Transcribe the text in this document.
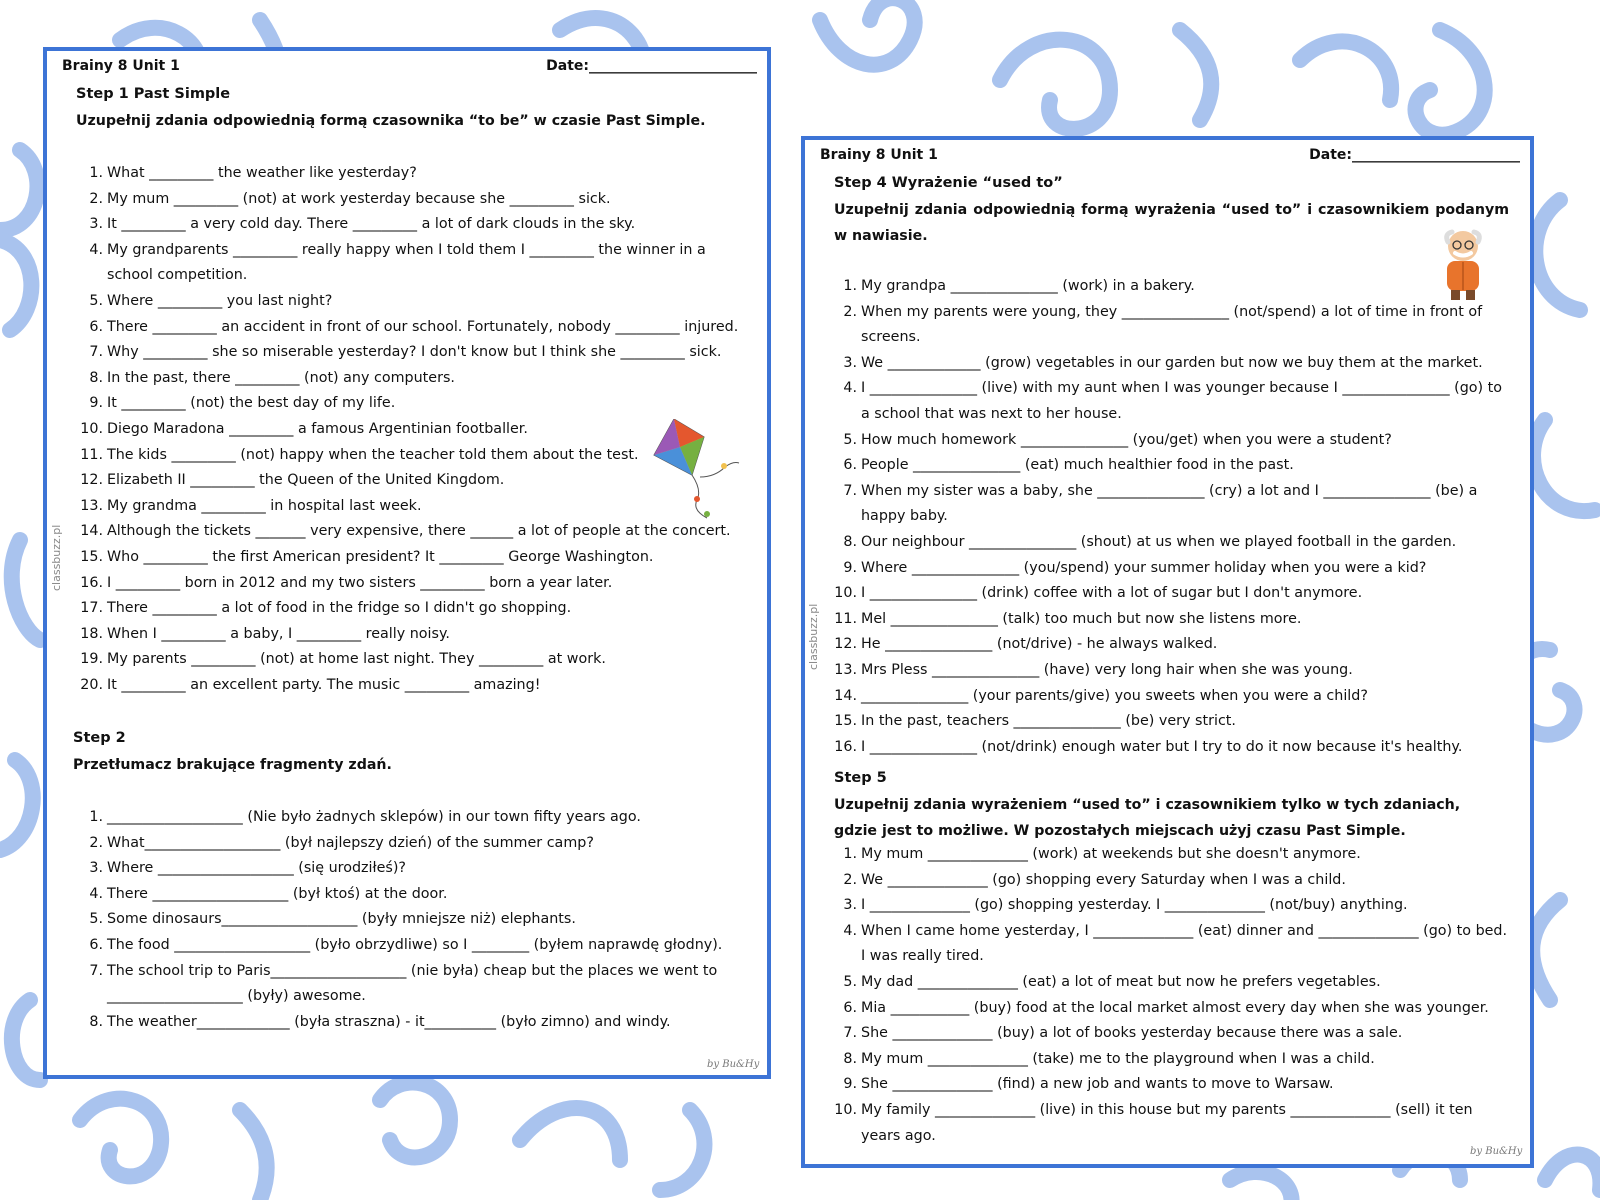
Brainy 8 Unit 1	Date:________________________
Step 1 Past Simple
Uzupełnij zdania odpowiednią formą czasownika “to be” w czasie Past Simple.
1. What _________ the weather like yesterday?
2. My mum _________ (not) at work yesterday because she _________ sick.
3. It _________ a very cold day. There _________ a lot of dark clouds in the sky.
4. My grandparents _________ really happy when I told them I _________ the winner in a school competition.
5. Where _________ you last night?
6. There _________ an accident in front of our school. Fortunately, nobody _________ injured.
7. Why _________ she so miserable yesterday? I don't know but I think she _________ sick.
8. In the past, there _________ (not) any computers.
9. It _________ (not) the best day of my life.
10. Diego Maradona _________ a famous Argentinian footballer.
11. The kids _________ (not) happy when the teacher told them about the test.
12. Elizabeth II _________ the Queen of the United Kingdom.
13. My grandma _________ in hospital last week.
14. Although the tickets _______ very expensive, there ______ a lot of people at the concert.
15. Who _________ the first American president? It _________ George Washington.
16. I _________ born in 2012 and my two sisters _________ born a year later.
17. There _________ a lot of food in the fridge so I didn't go shopping.
18. When I _________ a baby, I _________ really noisy.
19. My parents _________ (not) at home last night. They _________ at work.
20. It _________ an excellent party. The music _________ amazing!
Step 2
Przetłumacz brakujące fragmenty zdań.
1. ___________________ (Nie było żadnych sklepów) in our town fifty years ago.
2. What___________________ (był najlepszy dzień) of the summer camp?
3. Where ___________________ (się urodziłeś)?
4. There ___________________ (był ktoś) at the door.
5. Some dinosaurs___________________ (były mniejsze niż) elephants.
6. The food ___________________ (było obrzydliwe) so I ________ (byłem naprawdę głodny).
7. The school trip to Paris___________________ (nie była) cheap but the places we went to ___________________ (były) awesome.
8. The weather_____________ (była straszna) - it__________ (było zimno) and windy.
classbuzz.pl
by Bu&Hy
Brainy 8 Unit 1	Date:________________________
Step 4 Wyrażenie “used to”
Uzupełnij zdania odpowiednią formą wyrażenia “used to” i czasownikiem podanym w nawiasie.
1. My grandpa _______________ (work) in a bakery.
2. When my parents were young, they _______________ (not/spend) a lot of time in front of screens.
3. We _____________ (grow) vegetables in our garden but now we buy them at the market.
4. I _______________ (live) with my aunt when I was younger because I _______________ (go) to a school that was next to her house.
5. How much homework _______________ (you/get) when you were a student?
6. People _______________ (eat) much healthier food in the past.
7. When my sister was a baby, she _______________ (cry) a lot and I _______________ (be) a happy baby.
8. Our neighbour _______________ (shout) at us when we played football in the garden.
9. Where _______________ (you/spend) your summer holiday when you were a kid?
10. I _______________ (drink) coffee with a lot of sugar but I don't anymore.
11. Mel _______________ (talk) too much but now she listens more.
12. He _______________ (not/drive) - he always walked.
13. Mrs Pless _______________ (have) very long hair when she was young.
14. _______________ (your parents/give) you sweets when you were a child?
15. In the past, teachers _______________ (be) very strict.
16. I _______________ (not/drink) enough water but I try to do it now because it's healthy.
Step 5
Uzupełnij zdania wyrażeniem “used to” i czasownikiem tylko w tych zdaniach, gdzie jest to możliwe. W pozostałych miejscach użyj czasu Past Simple.
1. My mum ______________ (work) at weekends but she doesn't anymore.
2. We ______________ (go) shopping every Saturday when I was a child.
3. I ______________ (go) shopping yesterday. I ______________ (not/buy) anything.
4. When I came home yesterday, I ______________ (eat) dinner and ______________ (go) to bed. I was really tired.
5. My dad ______________ (eat) a lot of meat but now he prefers vegetables.
6. Mia ___________ (buy) food at the local market almost every day when she was younger.
7. She ______________ (buy) a lot of books yesterday because there was a sale.
8. My mum ______________ (take) me to the playground when I was a child.
9. She ______________ (find) a new job and wants to move to Warsaw.
10. My family ______________ (live) in this house but my parents ______________ (sell) it ten years ago.
classbuzz.pl
by Bu&Hy
